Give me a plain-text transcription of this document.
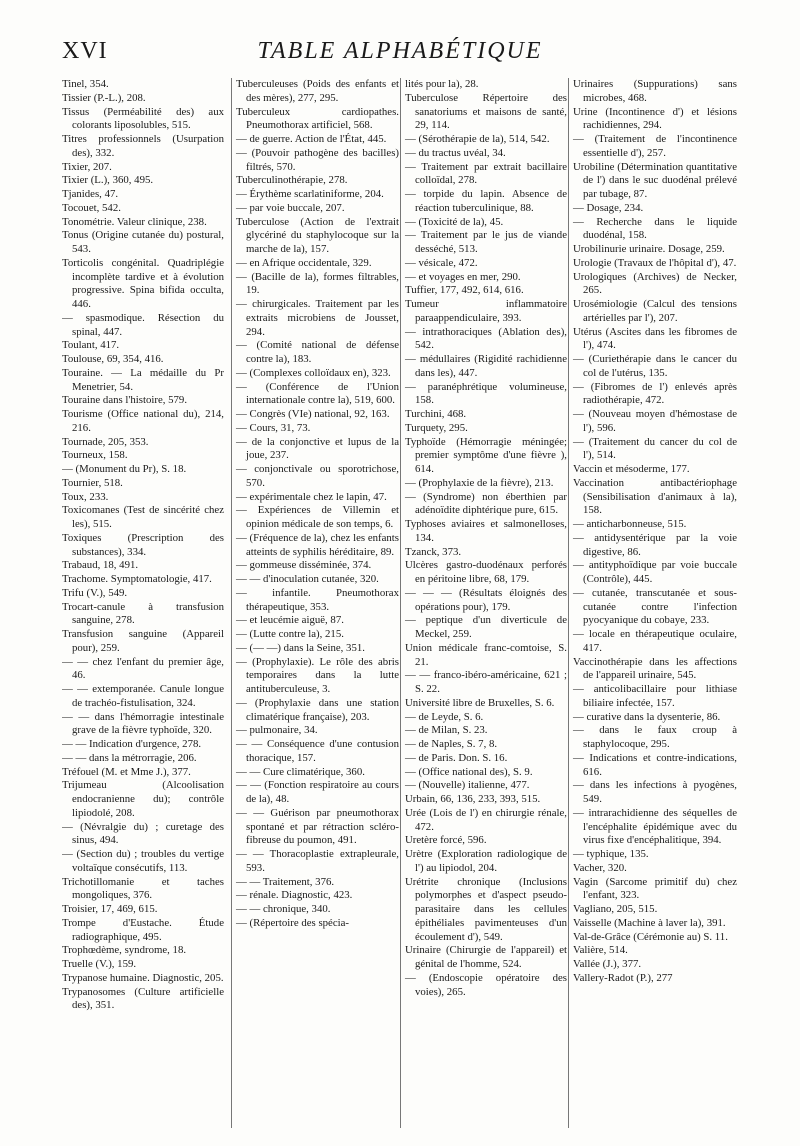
XVI	TABLE ALPHABÉTIQUE

Tinel, 354.

Tissier (P.-L.), 208.

Tissus (Perméabilité des) aux colorants liposolubles, 515.

Titres professionnels (Usurpation des), 332.

Tixier, 207.

Tixier (L.), 360, 495.

Tjanides, 47.

Tocouet, 542.

Tonométrie. Valeur clinique, 238.

Tonus (Origine cutanée du) postural, 543.

Torticolis congénital. Quadriplégie incomplète tardive et à évolution progressive. Spina bifida occulta, 446.

— spasmodique. Résection du spinal, 447.

Toulant, 417.

Toulouse, 69, 354, 416.

Touraine. — La médaille du Pr Menetrier, 54.

Touraine dans l'histoire, 579.

Tourisme (Office national du), 214, 216.

Tournade, 205, 353.

Tourneux, 158.

— (Monument du Pr), S. 18.

Tournier, 518.

Toux, 233.

Toxicomanes (Test de sincérité chez les), 515.

Toxiques (Prescription des substances), 334.

Trabaud, 18, 491.

Trachome. Symptomatologie, 417.

Trifu (V.), 549.

Trocart-canule à transfusion sanguine, 278.

Transfusion sanguine (Appareil pour), 259.

— — chez l'enfant du premier âge, 46.

— — extemporanée. Canule longue de trachéo-fistulisation, 324.

— — dans l'hémorragie intestinale grave de la fièvre typhoïde, 320.

— — Indication d'urgence, 278.

— — dans la métrorragie, 206.

Tréfouel (M. et Mme J.), 377.

Trijumeau (Alcoolisation endocranienne du); contrôle lipiodolé, 208.

— (Névralgie du) ; curetage des sinus, 494.

— (Section du) ; troubles du vertige voltaïque consécutifs, 113.

Trichotillomanie et taches mongoliques, 376.

Troisier, 17, 469, 615.

Trompe d'Eustache. Étude radiographique, 495.

Trophœdème, syndrome, 18.

Truelle (V.), 159.

Trypanose humaine. Diagnostic, 205.

Trypanosomes (Culture artificielle des), 351.

Tuberculeuses (Poids des enfants et des mères), 277, 295.

Tuberculeux cardiopathes. Pneumothorax artificiel, 568.

— de guerre. Action de l'État, 445.

— (Pouvoir pathogène des bacilles) filtrés, 570.

Tuberculinothérapie, 278.

— Érythème scarlatiniforme, 204.

— par voie buccale, 207.

Tuberculose (Action de l'extrait glycériné du staphylocoque sur la marche de la), 157.

— en Afrique occidentale, 329.

— (Bacille de la), formes filtrables, 19.

— chirurgicales. Traitement par les extraits microbiens de Jousset, 294.

— (Comité national de défense contre la), 183.

— (Complexes colloïdaux en), 323.

— (Conférence de l'Union internationale contre la), 519, 600.

— Congrès (VIe) national, 92, 163.

— Cours, 31, 73.

— de la conjonctive et lupus de la joue, 237.

— conjonctivale ou sporotrichose, 570.

— expérimentale chez le lapin, 47.

— Expériences de Villemin et opinion médicale de son temps, 6.

— (Fréquence de la), chez les enfants atteints de syphilis héréditaire, 89.

— gommeuse disséminée, 374.

— — d'inoculation cutanée, 320.

— infantile. Pneumothorax thérapeutique, 353.

— et leucémie aiguë, 87.

— (Lutte contre la), 215.

— (— —) dans la Seine, 351.

— (Prophylaxie). Le rôle des abris temporaires dans la lutte antituberculeuse, 3.

— (Prophylaxie dans une station climatérique française), 203.

— pulmonaire, 34.

— — Conséquence d'une contusion thoracique, 157.

— — Cure climatérique, 360.

— — (Fonction respiratoire au cours de la), 48.

— — Guérison par pneumothorax spontané et par rétraction scléro-fibreuse du poumon, 491.

— — Thoracoplastie extrapleurale, 593.

— — Traitement, 376.

— rénale. Diagnostic, 423.

— — chronique, 340.

— (Répertoire des spécia-

lités pour la), 28.

Tuberculose Répertoire des sanatoriums et maisons de santé, 29, 114.

— (Sérothérapie de la), 514, 542.

— du tractus uvéal, 34.

— Traitement par extrait bacillaire colloïdal, 278.

— torpide du lapin. Absence de réaction tuberculinique, 88.

— (Toxicité de la), 45.

— Traitement par le jus de viande desséché, 513.

— vésicale, 472.

— et voyages en mer, 290.

Tuffier, 177, 492, 614, 616.

Tumeur inflammatoire paraappendiculaire, 393.

— intrathoraciques (Ablation des), 542.

— médullaires (Rigidité rachidienne dans les), 447.

— paranéphrétique volumineuse, 158.

Turchini, 468.

Turquety, 295.

Typhoïde (Hémorragie méningée; premier symptôme d'une fièvre ), 614.

— (Prophylaxie de la fièvre), 213.

— (Syndrome) non éberthien par adénoïdite diphtérique pure, 615.

Typhoses aviaires et salmonelloses, 134.

Tzanck, 373.

Ulcères gastro-duodénaux perforés en péritoine libre, 68, 179.

— — — (Résultats éloignés des opérations pour), 179.

— peptique d'un diverticule de Meckel, 259.

Union médicale franc-comtoise, S. 21.

— — franco-ibéro-américaine, 621 ; S. 22.

Université libre de Bruxelles, S. 6.

— de Leyde, S. 6.

— de Milan, S. 23.

— de Naples, S. 7, 8.

— de Paris. Don. S. 16.

— (Office national des), S. 9.

— (Nouvelle) italienne, 477.

Urbain, 66, 136, 233, 393, 515.

Urée (Lois de l') en chirurgie rénale, 472.

Uretère forcé, 596.

Urètre (Exploration radiologique de l') au lipiodol, 204.

Urétrite chronique (Inclusions polymorphes et d'aspect pseudo-parasitaire dans les cellules épithéliales pavimenteuses d'un écoulement d'), 549.

Urinaire (Chirurgie de l'appareil) et génital de l'homme, 524.

— (Endoscopie opératoire des voies), 265.

Urinaires (Suppurations) sans microbes, 468.

Urine (Incontinence d') et lésions rachidiennes, 294.

— (Traitement de l'incontinence essentielle d'), 257.

Urobiline (Détermination quantitative de l') dans le suc duodénal prélevé par tubage, 87.

— Dosage, 234.

— Recherche dans le liquide duodénal, 158.

Urobilinurie urinaire. Dosage, 259.

Urologie (Travaux de l'hôpital d'), 47.

Urologiques (Archives) de Necker, 265.

Urosémiologie (Calcul des tensions artérielles par l'), 207.

Utérus (Ascites dans les fibromes de l'), 474.

— (Curiethérapie dans le cancer du col de l'utérus, 135.

— (Fibromes de l') enlevés après radiothérapie, 472.

— (Nouveau moyen d'hémostase de l'), 596.

— (Traitement du cancer du col de l'), 514.

Vaccin et mésoderme, 177.

Vaccination antibactériophage (Sensibilisation d'animaux à la), 158.

— anticharbonneuse, 515.

— antidysentérique par la voie digestive, 86.

— antityphoïdique par voie buccale (Contrôle), 445.

— cutanée, transcutanée et sous-cutanée contre l'infection pyocyanique du cobaye, 233.

— locale en thérapeutique oculaire, 417.

Vaccinothérapie dans les affections de l'appareil urinaire, 545.

— anticolibacillaire pour lithiase biliaire infectée, 157.

— curative dans la dysenterie, 86.

— dans le faux croup à staphylocoque, 295.

— Indications et contre-indications, 616.

— dans les infections à pyogènes, 549.

— intrarachidienne des séquelles de l'encéphalite épidémique avec du virus fixe d'encéphalitique, 394.

— typhique, 135.

Vacher, 320.

Vagin (Sarcome primitif du) chez l'enfant, 323.

Vagliano, 205, 515.

Vaisselle (Machine à laver la), 391.

Val-de-Grâce (Cérémonie au) S. 11.

Valière, 514.

Vallée (J.), 377.

Vallery-Radot (P.), 277
